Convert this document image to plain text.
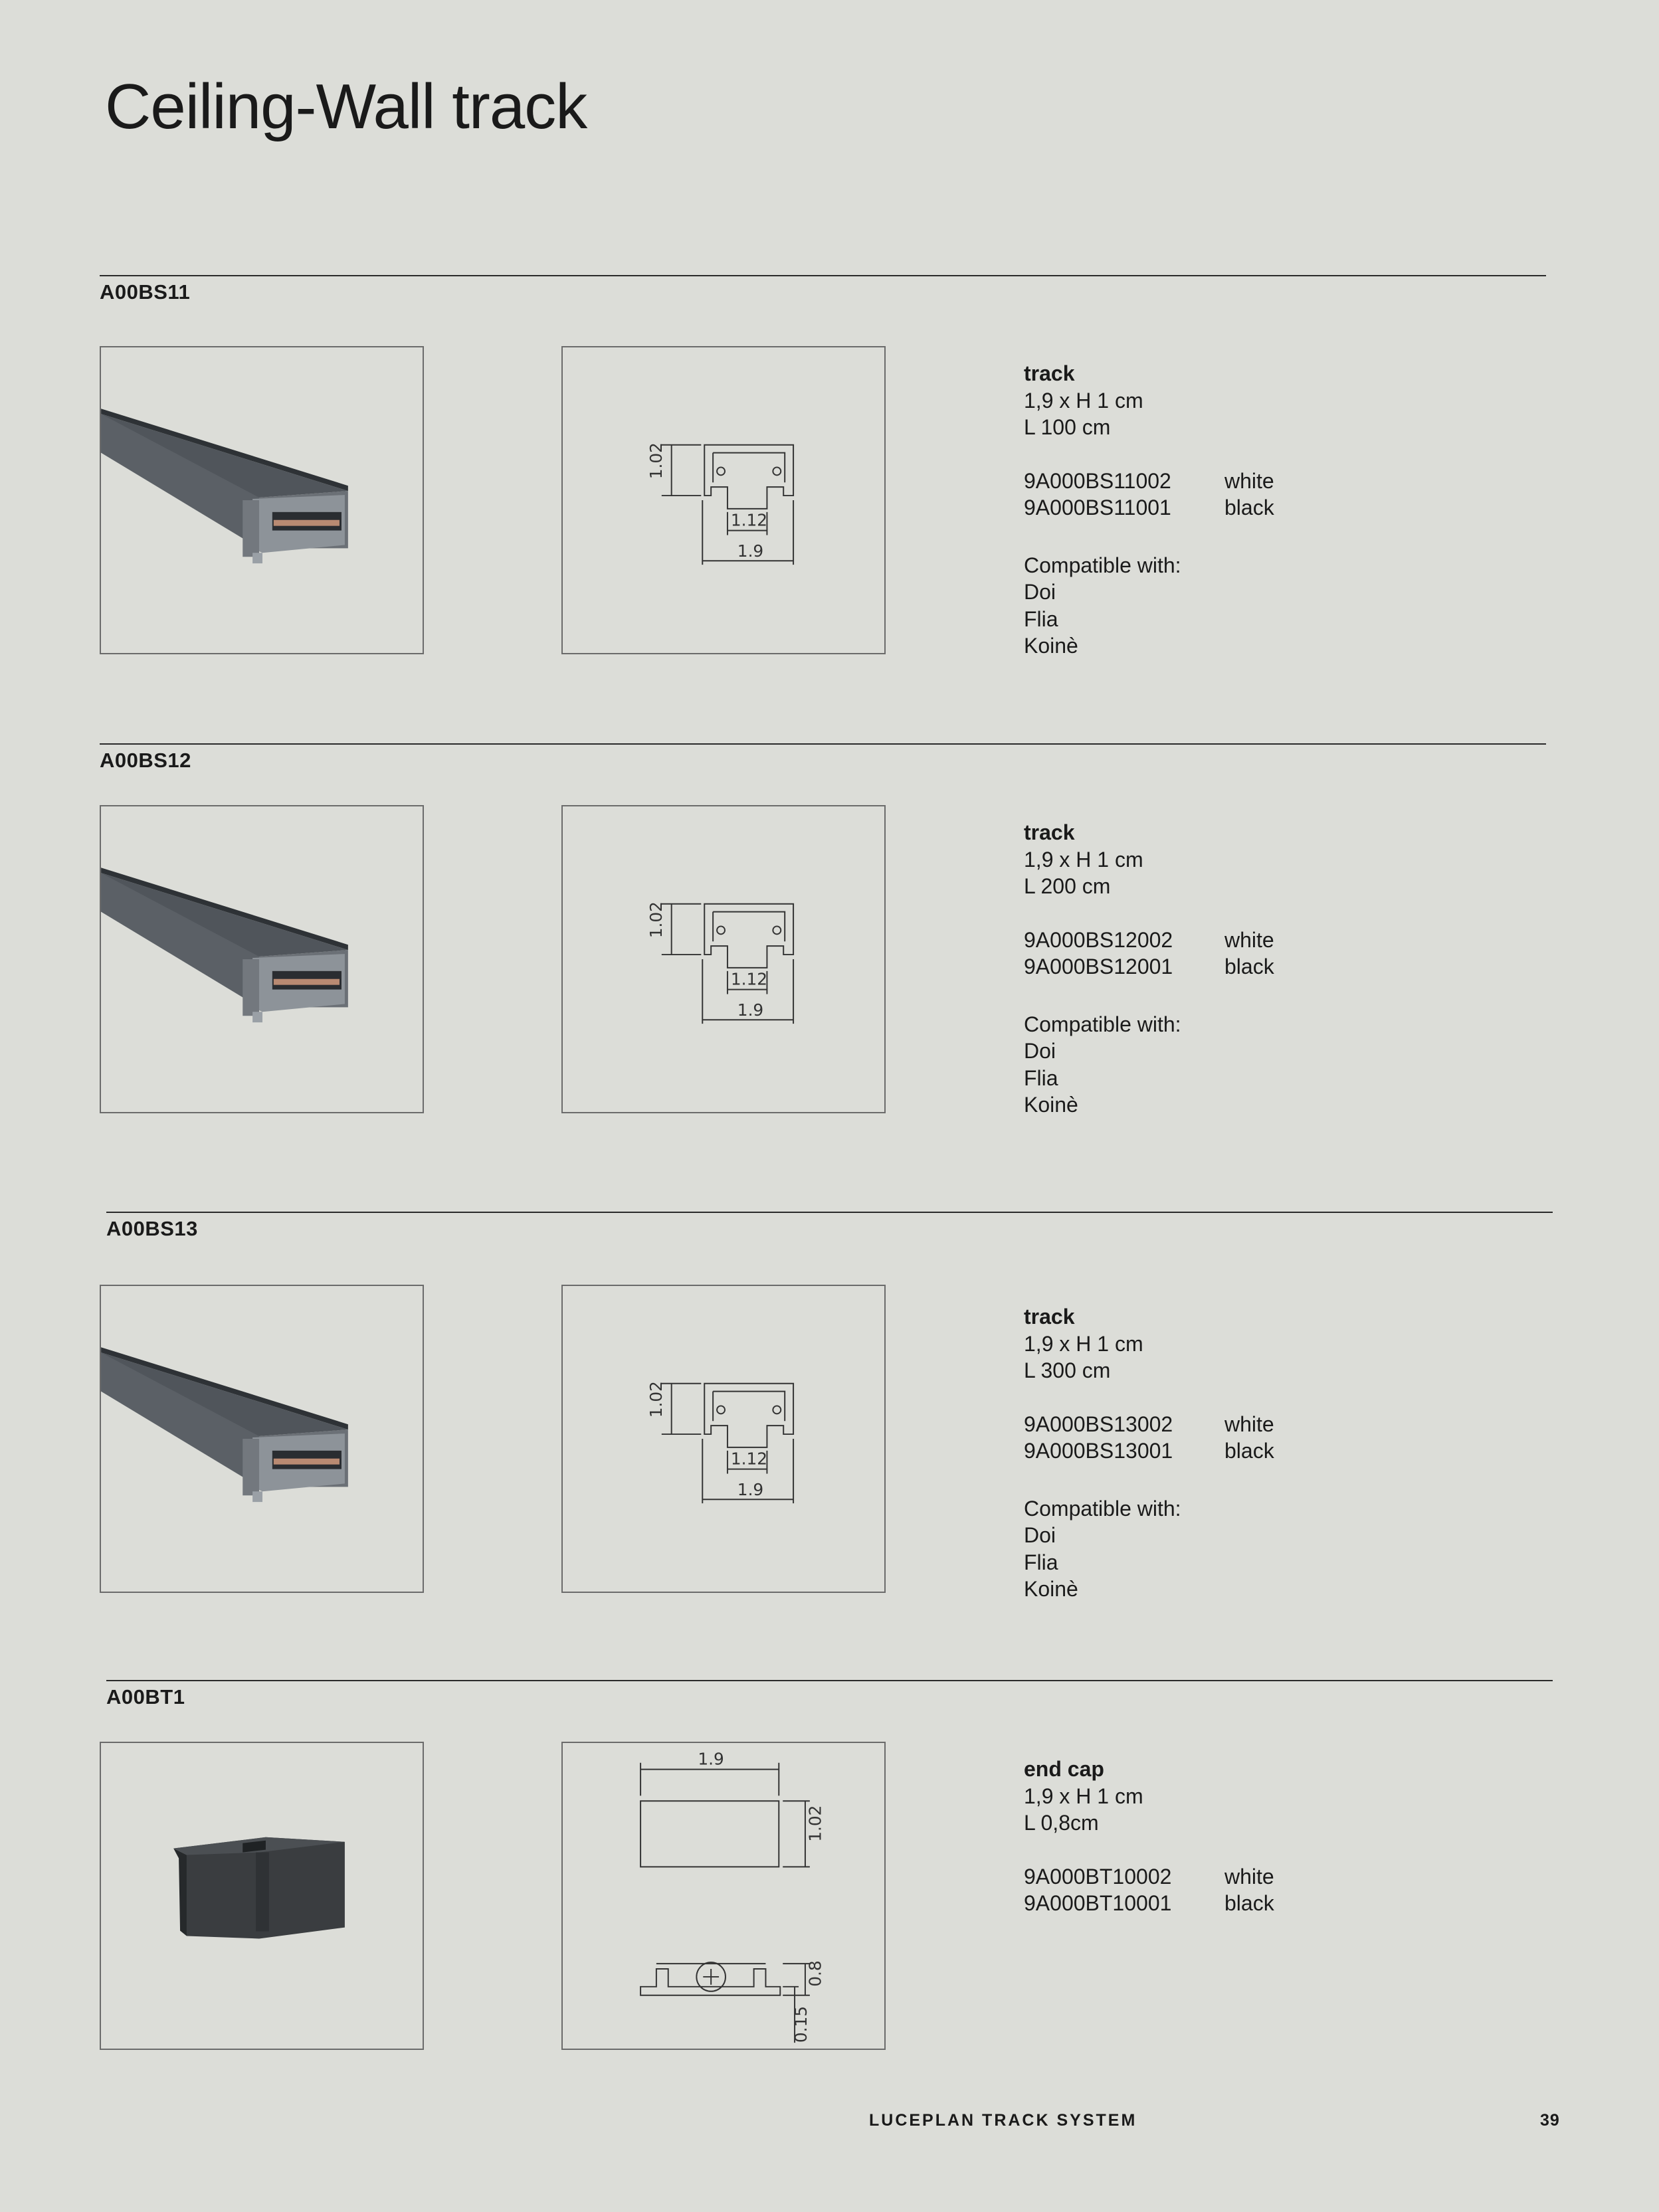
Ceiling-Wall track
A00BS11
1.02
1.12
1.9
track
1,9 x H 1 cm
L 100 cm
9A000BS11002	white
9A000BS11001	black
Compatible with:
Doi
Flia
Koinè
A00BS12
1.02
1.12
1.9
track
1,9 x H 1 cm
L 200 cm
9A000BS12002 white
9A000BS12001 black
Compatible with:
Doi
Flia
Koinè
A00BS13
1.02
1.12
1.9
track
1,9 x H 1 cm
L 300 cm
9A000BS13002 white
9A000BS13001 black
Compatible with:
Doi
Flia
Koinè
A00BT1
1.9
1.02
0.8
0.15
end cap
1,9 x H 1 cm
L 0,8cm
9A000BT10002 white
9A000BT10001 black
LUCEPLAN TRACK SYSTEM	39
